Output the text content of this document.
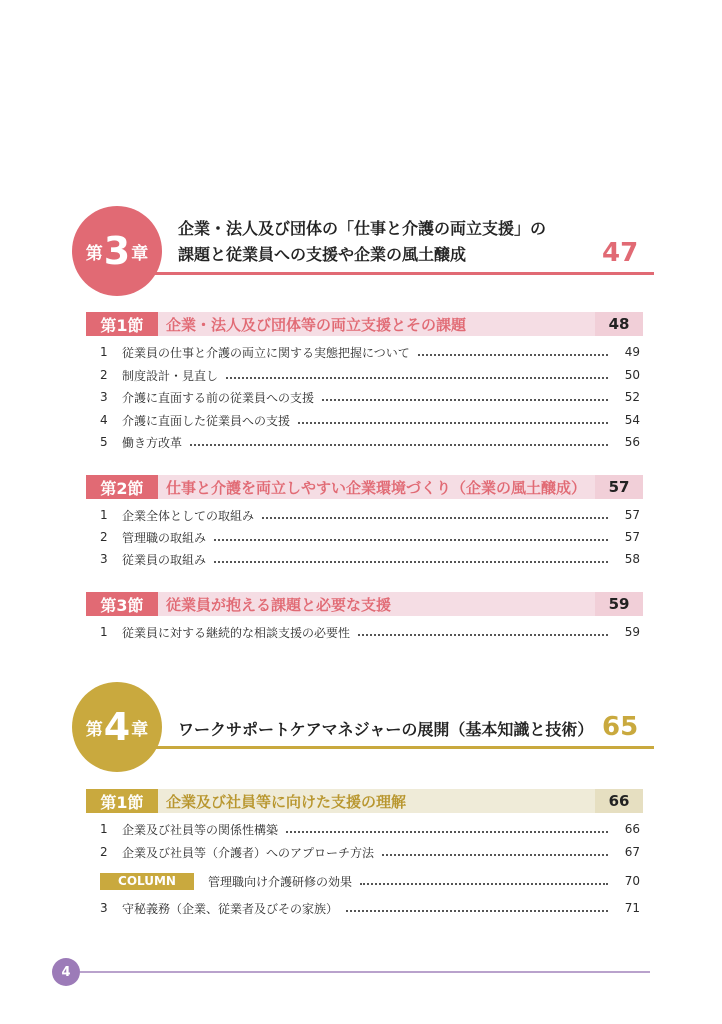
第 3 章
企業・法人及び団体の「仕事と介護の両立支援」の
課題と従業員への支援や企業の風土醸成	47
第1節	企業・法人及び団体等の両立支援とその課題	48
1	従業員の仕事と介護の両立に関する実態把握について	49
2	制度設計・見直し	50
3	介護に直面する前の従業員への支援	52
4	介護に直面した従業員への支援	54
5	働き方改革	56
第2節	仕事と介護を両立しやすい企業環境づくり（企業の風土醸成）	57
1	企業全体としての取組み	57
2	管理職の取組み	57
3	従業員の取組み	58
第3節	従業員が抱える課題と必要な支援	59
1	従業員に対する継続的な相談支援の必要性	59
第 4 章 ワークサポートケアマネジャーの展開（基本知識と技術） 65
第1節	企業及び社員等に向けた支援の理解	66
1	企業及び社員等の関係性構築	66
2	企業及び社員等（介護者）へのアプローチ方法	67
COLUMN	管理職向け介護研修の効果	70
3	守秘義務（企業、従業者及びその家族）	71
4
